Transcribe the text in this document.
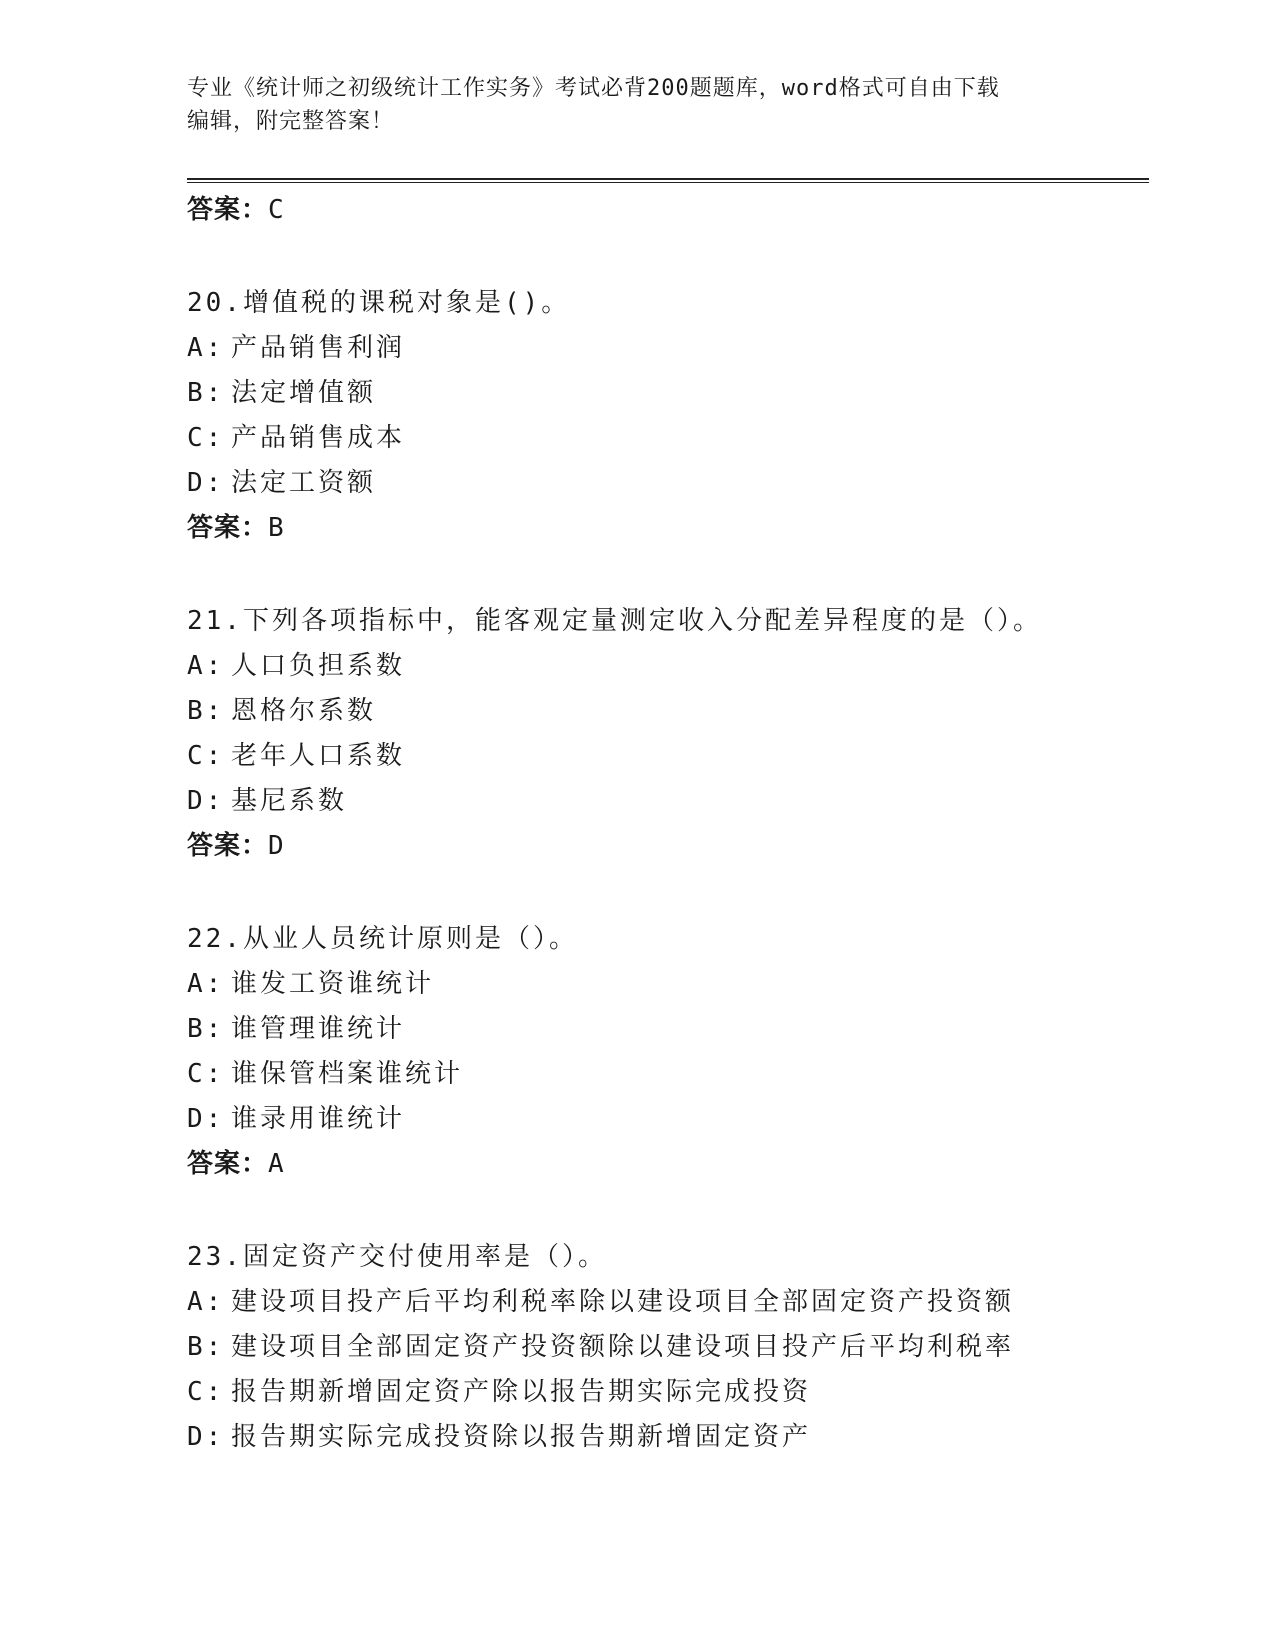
专业《统计师之初级统计工作实务》考试必背200题题库，word格式可自由下载
编辑，附完整答案！
答案：C
20.增值税的课税对象是()。
A: 产品销售利润
B: 法定增值额
C: 产品销售成本
D: 法定工资额
答案：B
21.下列各项指标中，能客观定量测定收入分配差异程度的是（）。
A: 人口负担系数
B: 恩格尔系数
C: 老年人口系数
D: 基尼系数
答案：D
22.从业人员统计原则是（）。
A: 谁发工资谁统计
B: 谁管理谁统计
C: 谁保管档案谁统计
D: 谁录用谁统计
答案：A
23.固定资产交付使用率是（）。
A: 建设项目投产后平均利税率除以建设项目全部固定资产投资额
B: 建设项目全部固定资产投资额除以建设项目投产后平均利税率
C: 报告期新增固定资产除以报告期实际完成投资
D: 报告期实际完成投资除以报告期新增固定资产
